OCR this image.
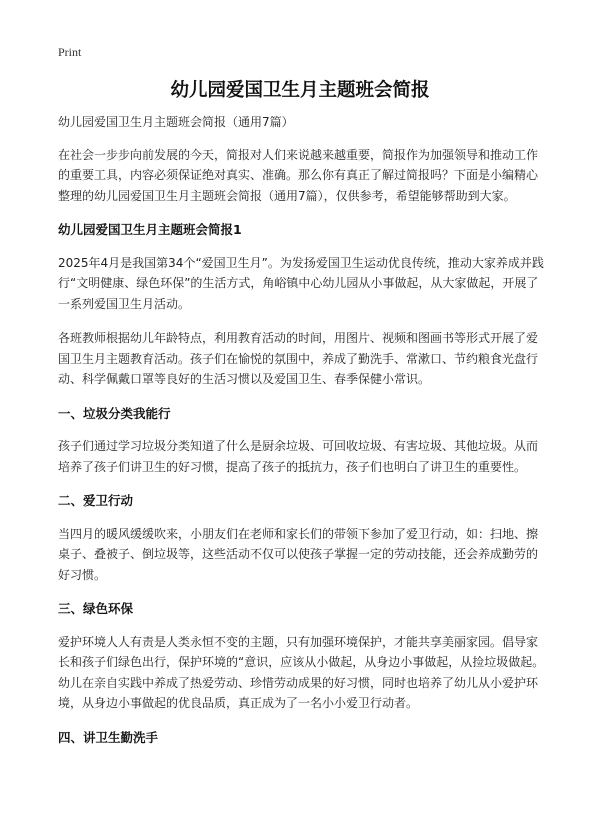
Print
幼儿园爱国卫生月主题班会简报

幼儿园爱国卫生月主题班会简报（通用7篇）

在社会一步步向前发展的今天，简报对人们来说越来越重要，简报作为加强领导和推动工作的重要工具，内容必须保证绝对真实、准确。那么你有真正了解过简报吗？下面是小编精心整理的幼儿园爱国卫生月主题班会简报（通用7篇），仅供参考，希望能够帮助到大家。

幼儿园爱国卫生月主题班会简报1

2025年4月是我国第34个“爱国卫生月”。为发扬爱国卫生运动优良传统，推动大家养成并践行“文明健康、绿色环保”的生活方式，角峪镇中心幼儿园从小事做起，从大家做起，开展了一系列爱国卫生月活动。

各班教师根据幼儿年龄特点，利用教育活动的时间，用图片、视频和图画书等形式开展了爱国卫生月主题教育活动。孩子们在愉悦的氛围中，养成了勤洗手、常漱口、节约粮食光盘行动、科学佩戴口罩等良好的生活习惯以及爱国卫生、春季保健小常识。

一、垃圾分类我能行

孩子们通过学习垃圾分类知道了什么是厨余垃圾、可回收垃圾、有害垃圾、其他垃圾。从而培养了孩子们讲卫生的好习惯，提高了孩子的抵抗力，孩子们也明白了讲卫生的重要性。

二、爱卫行动

当四月的暖风缓缓吹来，小朋友们在老师和家长们的带领下参加了爱卫行动，如：扫地、擦桌子、叠被子、倒垃圾等，这些活动不仅可以使孩子掌握一定的劳动技能，还会养成勤劳的好习惯。

三、绿色环保

爱护环境人人有责是人类永恒不变的主题，只有加强环境保护，才能共享美丽家园。倡导家长和孩子们绿色出行，保护环境的“意识，应该从小做起，从身边小事做起，从捡垃圾做起。幼儿在亲自实践中养成了热爱劳动、珍惜劳动成果的好习惯，同时也培养了幼儿从小爱护环境，从身边小事做起的优良品质，真正成为了一名小小爱卫行动者。

四、讲卫生勤洗手
